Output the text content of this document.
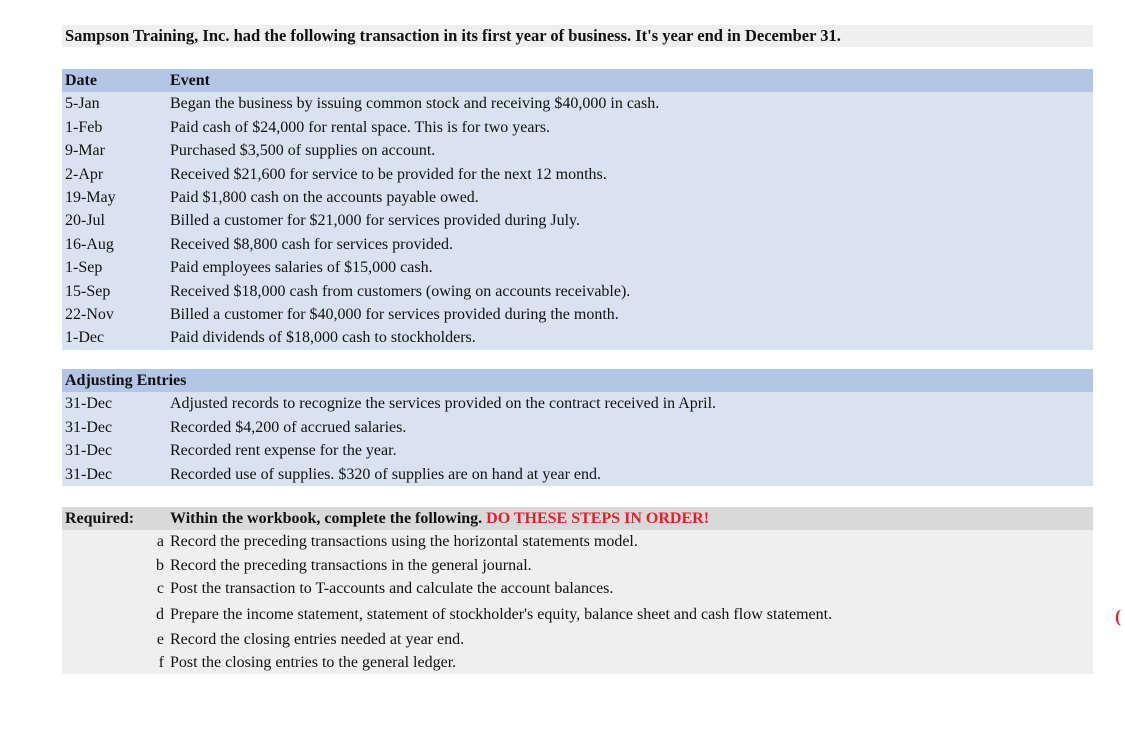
Sampson Training, Inc. had the following transaction in its first year of business. It's year end in December 31.
Date	Event
5-Jan	Began the business by issuing common stock and receiving $40,000 in cash.
1-Feb	Paid cash of $24,000 for rental space. This is for two years.
9-Mar	Purchased $3,500 of supplies on account.
2-Apr	Received $21,600 for service to be provided for the next 12 months.
19-May	Paid $1,800 cash on the accounts payable owed.
20-Jul	Billed a customer for $21,000 for services provided during July.
16-Aug	Received $8,800 cash for services provided.
1-Sep	Paid employees salaries of $15,000 cash.
15-Sep	Received $18,000 cash from customers (owing on accounts receivable).
22-Nov	Billed a customer for $40,000 for services provided during the month.
1-Dec	Paid dividends of $18,000 cash to stockholders.
Adjusting Entries
31-Dec	Adjusted records to recognize the services provided on the contract received in April.
31-Dec	Recorded $4,200 of accrued salaries.
31-Dec	Recorded rent expense for the year.
31-Dec	Recorded use of supplies. $320 of supplies are on hand at year end.
Required: Within the workbook, complete the following. DO THESE STEPS IN ORDER!
a Record the preceding transactions using the horizontal statements model.
b Record the preceding transactions in the general journal.
c Post the transaction to T-accounts and calculate the account balances.
d Prepare the income statement, statement of stockholder's equity, balance sheet and cash flow statement.
e Record the closing entries needed at year end.
f Post the closing entries to the general ledger.
(
